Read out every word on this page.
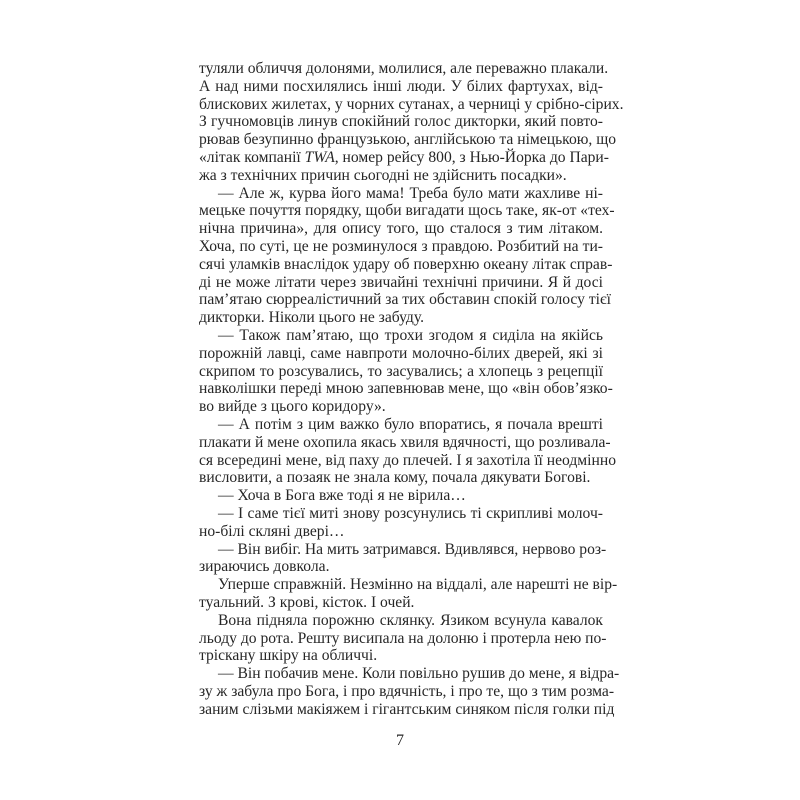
туляли обличчя долонями, молилися, але переважно плакали.
А над ними посхилялись інші люди. У білих фартухах, від-
блискових жилетах, у чорних сутанах, а черниці у срібно-сірих.
З гучномовців линув спокійний голос дикторки, який повто-
рював безупинно французькою, англійською та німецькою, що
«літак компанії TWA, номер рейсу 800, з Нью-Йорка до Пари-
жа з технічних причин сьогодні не здійснить посадки».
— Але ж, курва його мама! Треба було мати жахливе ні-
мецьке почуття порядку, щоби вигадати щось таке, як-от «тех-
нічна причина», для опису того, що сталося з тим літаком.
Хоча, по суті, це не розминулося з правдою. Розбитий на ти-
сячі уламків внаслідок удару об поверхню океану літак справ-
ді не може літати через звичайні технічні причини. Я й досі
пам’ятаю сюрреалістичний за тих обставин спокій голосу тієї
дикторки. Ніколи цього не забуду.
— Також пам’ятаю, що трохи згодом я сиділа на якійсь
порожній лавці, саме навпроти молочно-білих дверей, які зі
скрипом то розсувались, то засувались; а хлопець з рецепції
навколішки переді мною запевнював мене, що «він обов’язко-
во вийде з цього коридору».
— А потім з цим важко було впоратись, я почала врешті
плакати й мене охопила якась хвиля вдячності, що розливала-
ся всередині мене, від паху до плечей. І я захотіла її неодмінно
висловити, а позаяк не знала кому, почала дякувати Богові.
— Хоча в Бога вже тоді я не вірила…
— І саме тієї миті знову розсунулись ті скрипливі молоч-
но-білі скляні двері…
— Він вибіг. На мить затримався. Вдивлявся, нервово роз-
зираючись довкола.
Уперше справжній. Незмінно на віддалі, але нарешті не вір-
туальний. З крові, кісток. І очей.
Вона підняла порожню склянку. Язиком всунула кавалок
льоду до рота. Решту висипала на долоню і протерла нею по-
тріскану шкіру на обличчі.
— Він побачив мене. Коли повільно рушив до мене, я відра-
зу ж забула про Бога, і про вдячність, і про те, що з тим розма-
заним слізьми макіяжем і гігантським синяком після голки під
7
